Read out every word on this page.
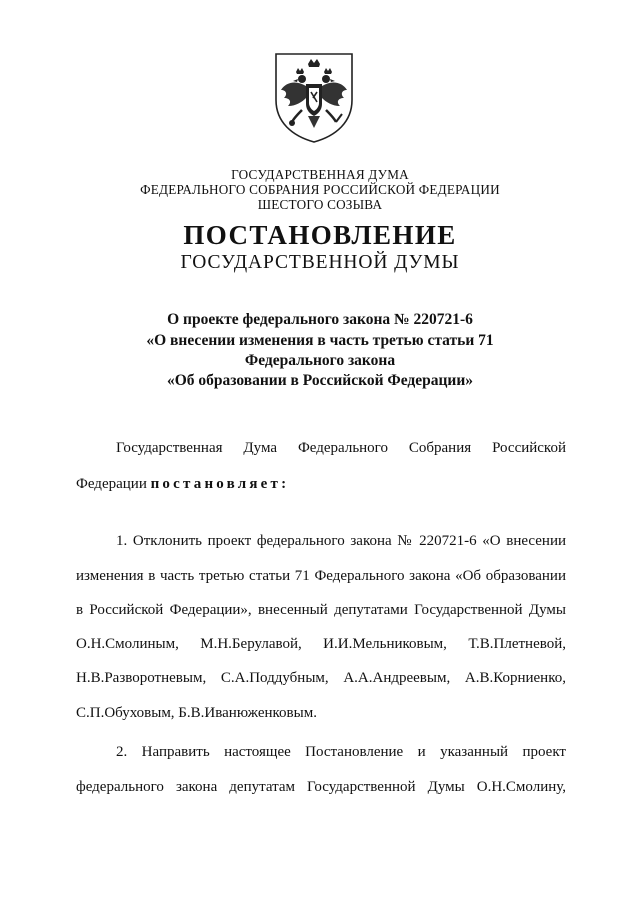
ГОСУДАРСТВЕННАЯ ДУМА
ФЕДЕРАЛЬНОГО СОБРАНИЯ РОССИЙСКОЙ ФЕДЕРАЦИИ
ШЕСТОГО СОЗЫВА
ПОСТАНОВЛЕНИЕ
ГОСУДАРСТВЕННОЙ ДУМЫ
О проекте федерального закона № 220721-6
«О внесении изменения в часть третью статьи 71
Федерального закона
«Об образовании в Российской Федерации»
Государственная Дума Федерального Собрания Российской
Федерации постановляет:
1. Отклонить проект федерального закона № 220721-6 «О внесении
изменения в часть третью статьи 71 Федерального закона «Об образовании
в Российской Федерации», внесенный депутатами Государственной Думы
О.Н.Смолиным, М.Н.Берулавой, И.И.Мельниковым, Т.В.Плетневой,
Н.В.Разворотневым, С.А.Поддубным, А.А.Андреевым, А.В.Корниенко,
С.П.Обуховым, Б.В.Иванюженковым.
2. Направить настоящее Постановление и указанный проект
федерального закона депутатам Государственной Думы О.Н.Смолину,
